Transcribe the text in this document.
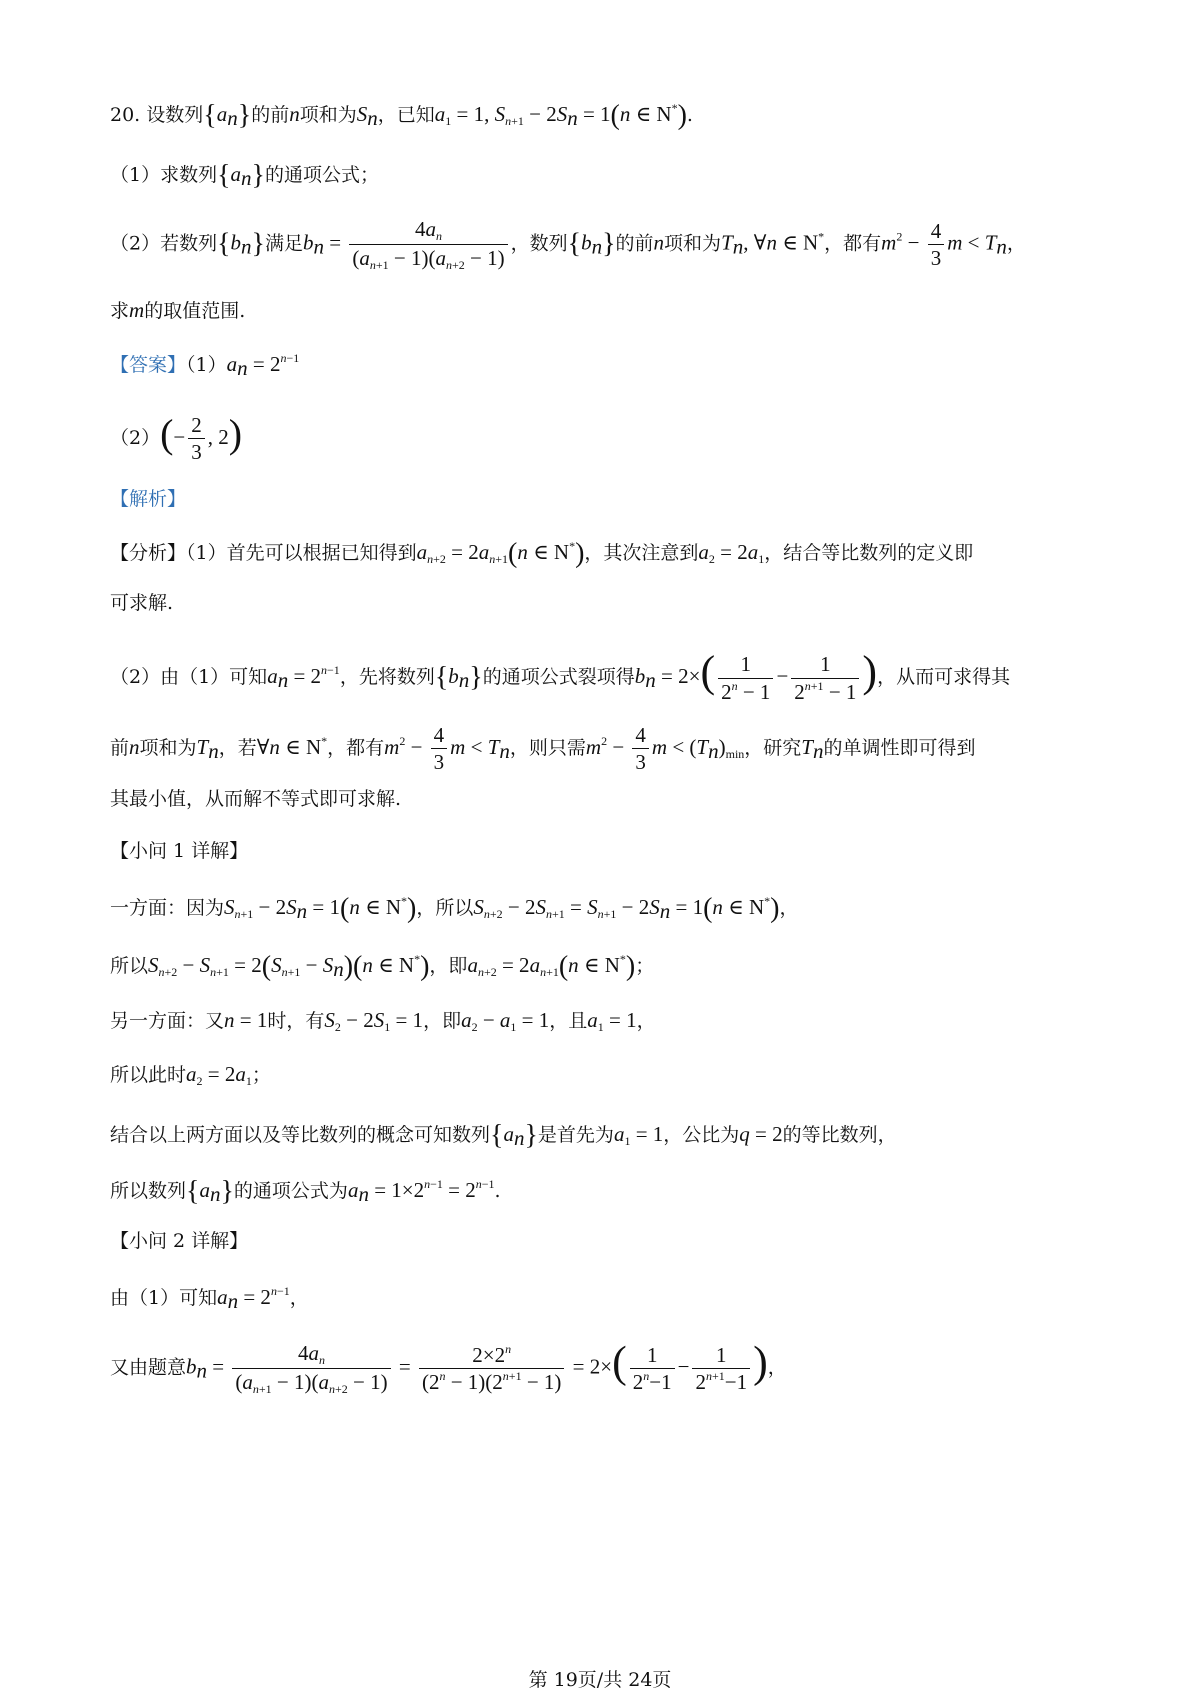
20. 设数列$\{a_n\}$的前n项和为$S_n$，已知$a_1 = 1$, $S_{n+1} - 2S_n = 1(n$ ∈ N*).
（1）求数列$\{a_n\}$的通项公式；
（2）若数列$\{b_n\}$满足$b_n = \frac{4a_n}{(a_{n+1} - 1)(a_{n+2} - 1)}$ ，数列$\{b_n\}$的前n项和为$T_n$, ∀n ∈ N*，都有$m^2 - \frac{4}{3}$ $m < T_n$，
求m的取值范围.
【答案】$(1)a_n = 2^{n-1}$
$(2)(- \frac{2}{3}$ , 2)
【解析】
【分析】（1）首先可以根据已知得到$a_{n+2} = 2a_{n+1}(n$ ∈ N*)，其次注意到$a_2 = 2a_1$，结合等比数列的定义即
可求解.
（2）由（1）可知$a_n = 2^{n-1}$，先将数列$\{b_n\}$的通项公式裂项得$b_n = 2\times( \frac{1}{2^n - 1} - \frac{1}{2^{n+1} - 1}$ )，从而可求得其
前n项和为$T_n$，若∀n ∈ N*，都有$m^2 - \frac{4}{3}$ $m < T_n$，则只需$m^2 - \frac{4}{3}$ $m < (T_n)_{min}$，研究$T_n$的单调性即可得到
其最小值，从而解不等式即可求解.
【小问 1 详解】
一方面：因为$S_{n+1} - 2S_n = 1(n$ ∈ N*)，所以$S_{n+2} - 2S_{n+1} = S_{n+1} - 2S_n = 1(n$ ∈ N*)，
所以$S_{n+2} - S_{n+1} = 2(S_{n+1} - S_n)(n$ ∈ N*)，即$a_{n+2} = 2a_{n+1}(n$ ∈ N*)；
另一方面：又n = 1时，有$S_2 - 2S_1 = 1$，即$a_2 - a_1 = 1$，且$a_1 = 1$，
所以此时$a_2 = 2a_1$；
结合以上两方面以及等比数列的概念可知数列$\{a_n\}$是首先为$a_1 = 1$，公比为q = 2的等比数列，
所以数列$\{a_n\}$的通项公式为$a_n = 1\times 2^{n-1} = 2^{n-1}$.
【小问 2 详解】
由（1）可知$a_n = 2^{n-1}$，
又由题意$b_n = \frac{4a_n}{(a_{n+1} - 1)(a_{n+2} - 1)} = \frac{2\times 2^n}{(2^n - 1)(2^{n+1} - 1)} = 2\times( \frac{1}{2^n-1} - \frac{1}{2^{n+1}-1}$ )，
第 19页/共 24页
